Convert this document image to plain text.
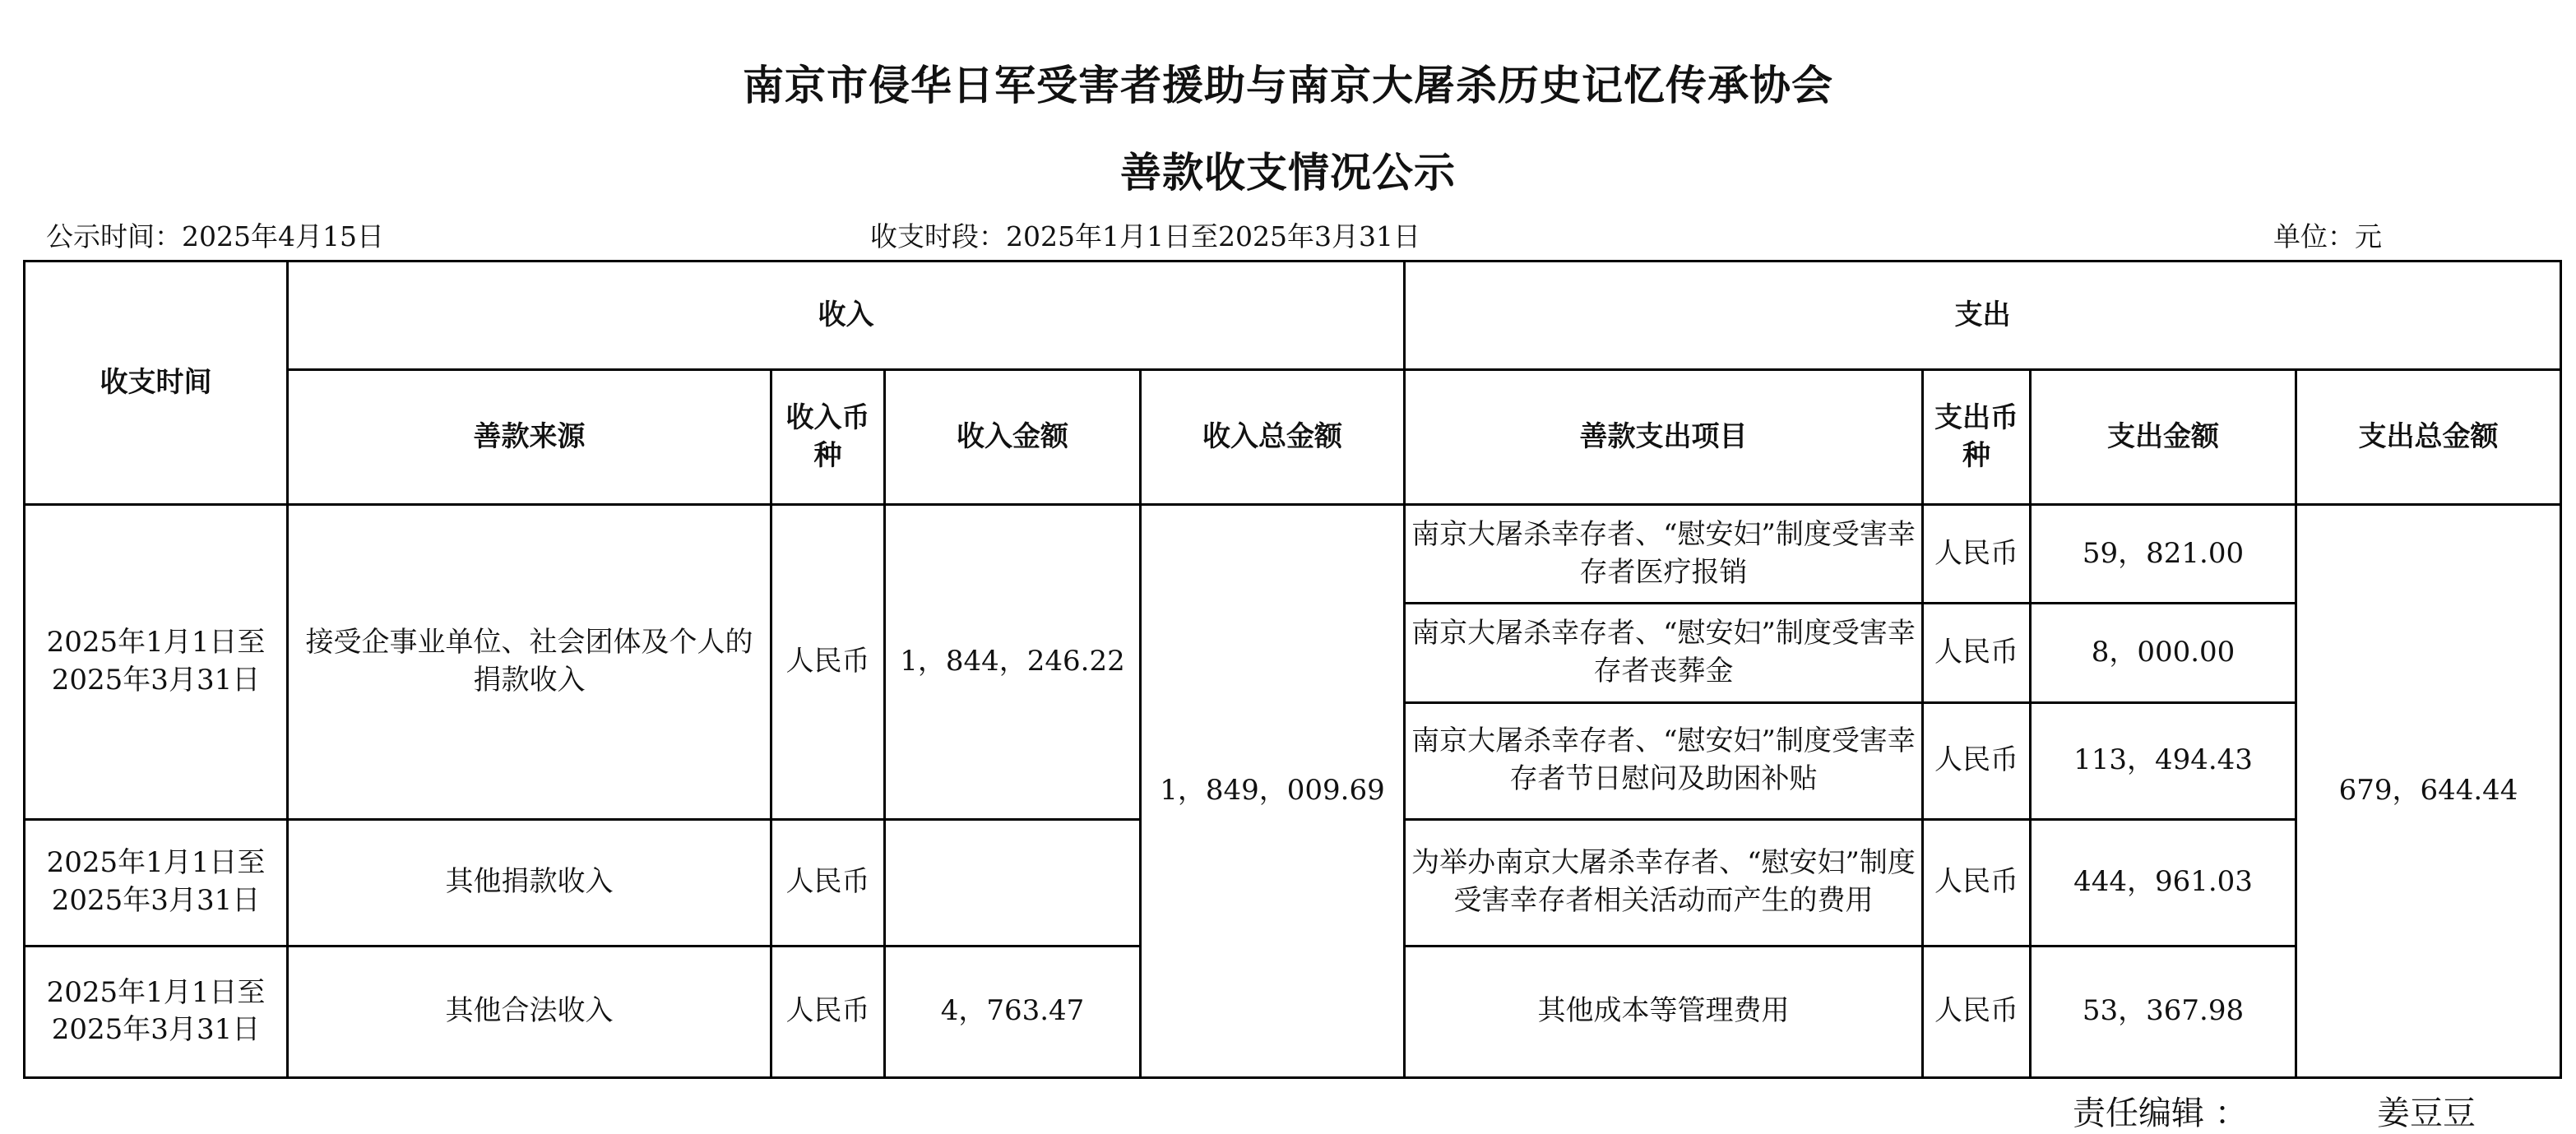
南京市侵华日军受害者援助与南京大屠杀历史记忆传承协会
善款收支情况公示
公示时间：2025年4月15日	收支时段：2025年1月1日至2025年3月31日	单位：元
收支时间	收入				支出			
	善款来源	收入币种	收入金额	收入总金额	善款支出项目	支出币种	支出金额	支出总金额
2025年1月1日至2025年3月31日	接受企事业单位、社会团体及个人的捐款收入	人民币	1，844，246.22	1，849，009.69	南京大屠杀幸存者、“慰安妇”制度受害幸存者医疗报销	人民币	59，821.00	679，644.44
					南京大屠杀幸存者、“慰安妇”制度受害幸存者丧葬金	人民币	8，000.00	
					南京大屠杀幸存者、“慰安妇”制度受害幸存者节日慰问及助困补贴	人民币	113，494.43	
2025年1月1日至2025年3月31日	其他捐款收入	人民币			为举办南京大屠杀幸存者、“慰安妇”制度受害幸存者相关活动而产生的费用	人民币	444，961.03	
2025年1月1日至2025年3月31日	其他合法收入	人民币	4，763.47		其他成本等管理费用	人民币	53，367.98	
责任编辑 ：	姜豆豆
